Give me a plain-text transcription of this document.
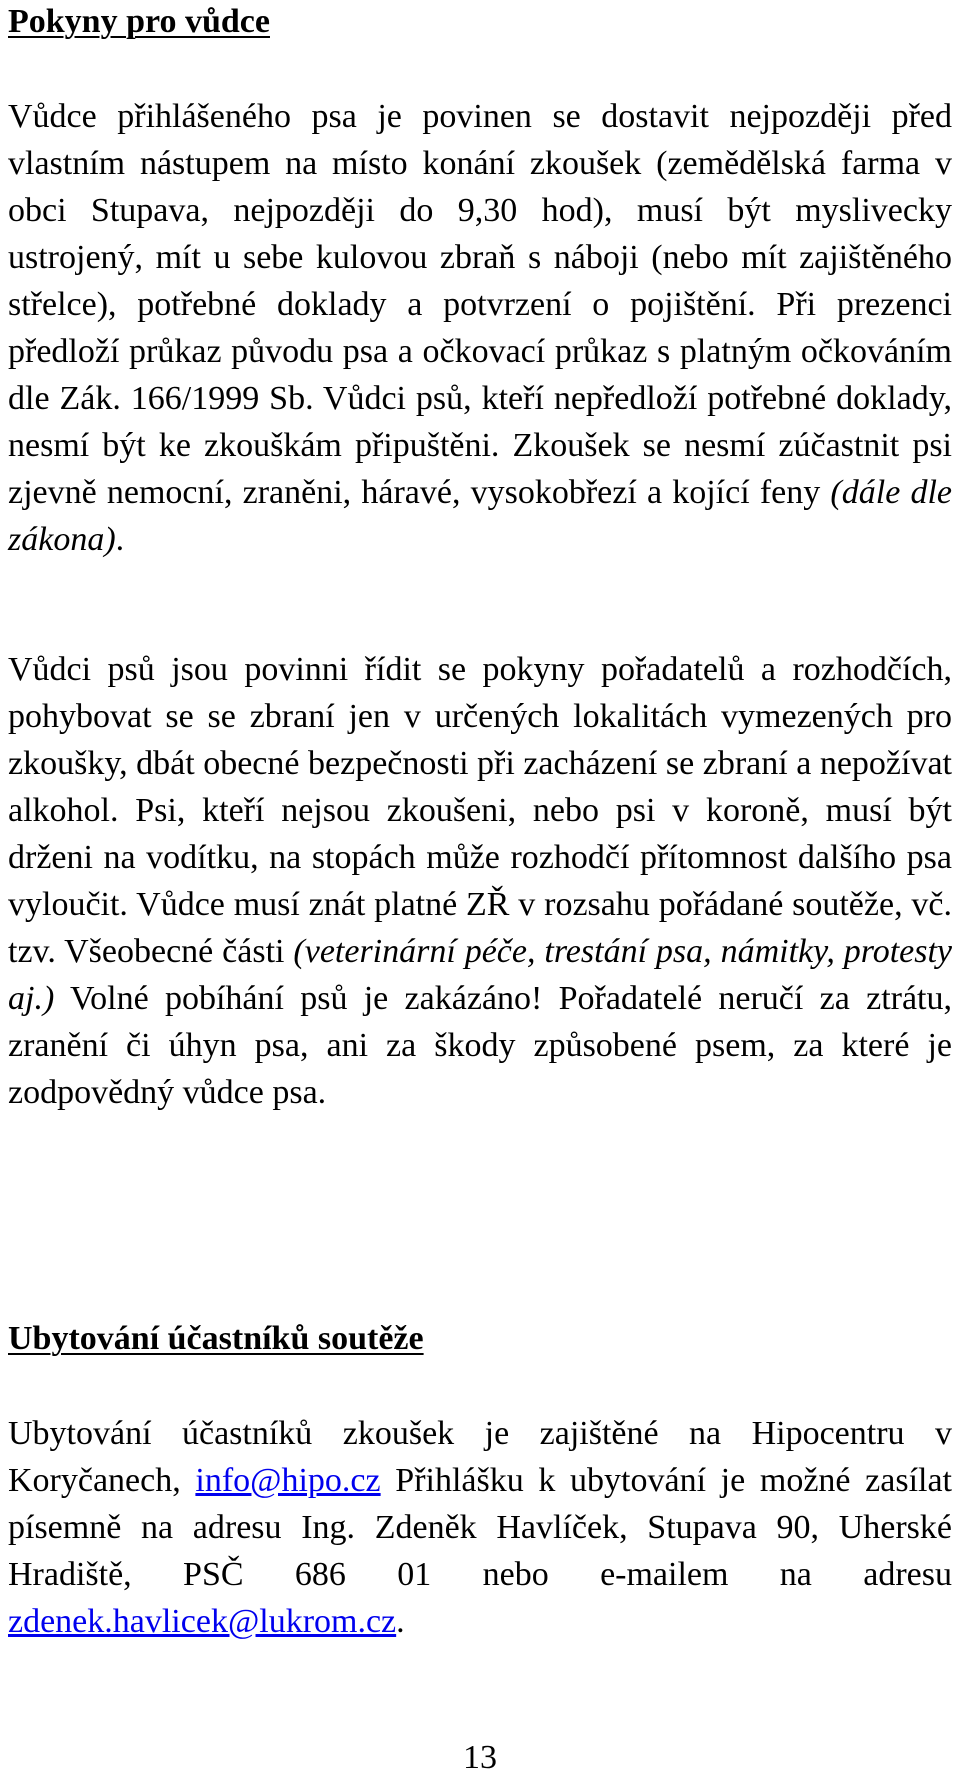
Pokyny pro vůdce

Vůdce přihlášeného psa je povinen se dostavit nejpozději před vlastním nástupem na místo konání zkoušek (zemědělská farma v obci Stupava, nejpozději do 9,30 hod), musí být myslivecky ustrojený, mít u sebe kulovou zbraň s náboji (nebo mít zajištěného střelce), potřebné doklady a potvrzení o pojištění. Při prezenci předloží průkaz původu psa a očkovací průkaz s platným očkováním dle Zák. 166/1999 Sb. Vůdci psů, kteří nepředloží potřebné doklady, nesmí být ke zkouškám připuštěni. Zkoušek se nesmí zúčastnit psi zjevně nemocní, zraněni, háravé, vysokobřezí a kojící feny (dále dle zákona).

Vůdci psů jsou povinni řídit se pokyny pořadatelů a rozhodčích, pohybovat se se zbraní jen v určených lokalitách vymezených pro zkoušky, dbát obecné bezpečnosti při zacházení se zbraní a nepožívat alkohol. Psi, kteří nejsou zkoušeni, nebo psi v koroně, musí být drženi na vodítku, na stopách může rozhodčí přítomnost dalšího psa vyloučit. Vůdce musí znát platné ZŘ v rozsahu pořádané soutěže, vč. tzv. Všeobecné části (veterinární péče, trestání psa, námitky, protesty aj.) Volné pobíhání psů je zakázáno! Pořadatelé neručí za ztrátu, zranění či úhyn psa, ani za škody způsobené psem, za které je zodpovědný vůdce psa.

Ubytování účastníků soutěže

Ubytování účastníků zkoušek je zajištěné na Hipocentru v Koryčanech, info@hipo.cz Přihlášku k ubytování je možné zasílat písemně na adresu Ing. Zdeněk Havlíček, Stupava 90, Uherské Hradiště, PSČ 686 01 nebo e-mailem na adresu zdenek.havlicek@lukrom.cz.

13
